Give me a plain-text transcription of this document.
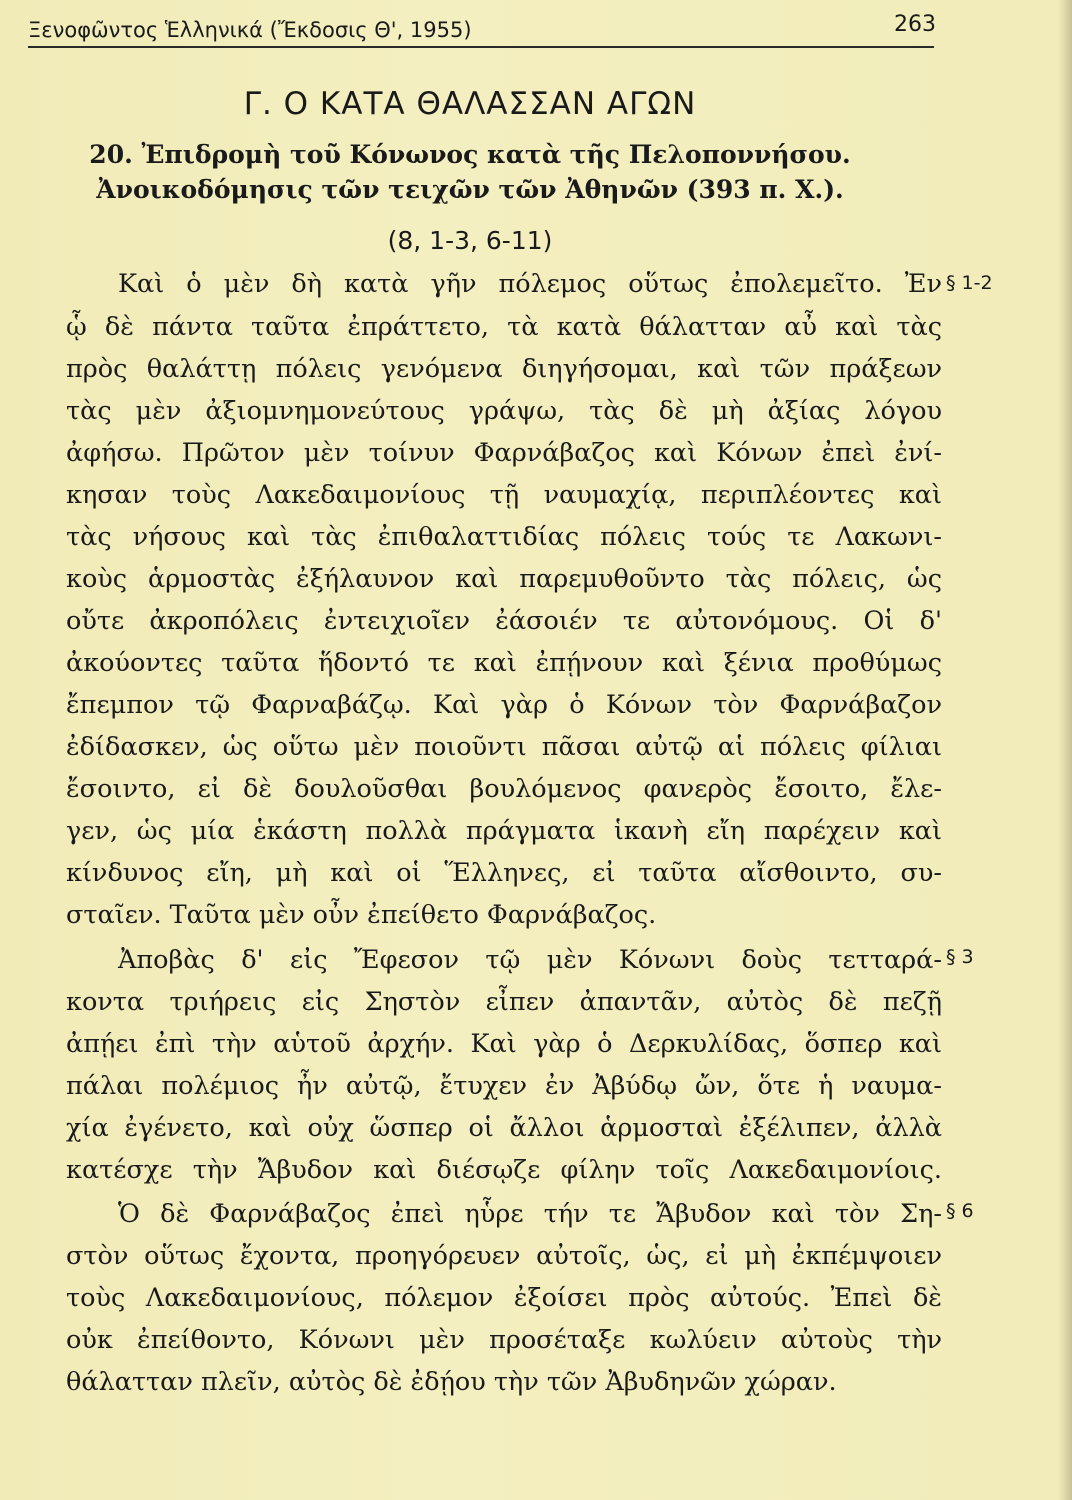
Ξενοφῶντος Ἑλληνικά (Ἔκδοσις Θ', 1955)	263
Γ. Ο ΚΑΤΑ ΘΑΛΑΣΣΑΝ ΑΓΩΝ
20. Ἐπιδρομὴ τοῦ Κόνωνος κατὰ τῆς Πελοποννήσου.
Ἀνοικοδόμησις τῶν τειχῶν τῶν Ἀθηνῶν (393 π. Χ.).
(8, 1-3, 6-11)
Καὶ ὁ μὲν δὴ κατὰ γῆν πόλεμος οὕτως ἐπολεμεῖτο. Ἐν
ᾧ δὲ πάντα ταῦτα ἐπράττετο, τὰ κατὰ θάλατταν αὖ καὶ τὰς
πρὸς θαλάττῃ πόλεις γενόμενα διηγήσομαι, καὶ τῶν πράξεων
τὰς μὲν ἀξιομνημονεύτους γράψω, τὰς δὲ μὴ ἀξίας λόγου
ἀφήσω. Πρῶτον μὲν τοίνυν Φαρνάβαζος καὶ Κόνων ἐπεὶ ἐνί-
κησαν τοὺς Λακεδαιμονίους τῇ ναυμαχίᾳ, περιπλέοντες καὶ
τὰς νήσους καὶ τὰς ἐπιθαλαττιδίας πόλεις τούς τε Λακωνι-
κοὺς ἁρμοστὰς ἐξήλαυνον καὶ παρεμυθοῦντο τὰς πόλεις, ὡς
οὔτε ἀκροπόλεις ἐντειχιοῖεν ἐάσοιέν τε αὐτονόμους. Οἱ δ'
ἀκούοντες ταῦτα ἥδοντό τε καὶ ἐπῄνουν καὶ ξένια προθύμως
ἔπεμπον τῷ Φαρναβάζῳ. Καὶ γὰρ ὁ Κόνων τὸν Φαρνάβαζον
ἐδίδασκεν, ὡς οὕτω μὲν ποιοῦντι πᾶσαι αὐτῷ αἱ πόλεις φίλιαι
ἔσοιντο, εἰ δὲ δουλοῦσθαι βουλόμενος φανερὸς ἔσοιτο, ἔλε-
γεν, ὡς μία ἑκάστη πολλὰ πράγματα ἱκανὴ εἴη παρέχειν καὶ
κίνδυνος εἴη, μὴ καὶ οἱ Ἕλληνες, εἰ ταῦτα αἴσθοιντο, συ-
σταῖεν. Ταῦτα μὲν οὖν ἐπείθετο Φαρνάβαζος.
Ἀποβὰς δ' εἰς Ἔφεσον τῷ μὲν Κόνωνι δοὺς τετταρά-
κοντα τριήρεις εἰς Σηστὸν εἶπεν ἀπαντᾶν, αὐτὸς δὲ πεζῇ
ἀπῄει ἐπὶ τὴν αὑτοῦ ἀρχήν. Καὶ γὰρ ὁ Δερκυλίδας, ὅσπερ καὶ
πάλαι πολέμιος ἦν αὐτῷ, ἔτυχεν ἐν Ἀβύδῳ ὤν, ὅτε ἡ ναυμα-
χία ἐγένετο, καὶ οὐχ ὥσπερ οἱ ἄλλοι ἁρμοσταὶ ἐξέλιπεν, ἀλλὰ
κατέσχε τὴν Ἄβυδον καὶ διέσῳζε φίλην τοῖς Λακεδαιμονίοις.
Ὁ δὲ Φαρνάβαζος ἐπεὶ ηὗρε τήν τε Ἄβυδον καὶ τὸν Ση-
στὸν οὕτως ἔχοντα, προηγόρευεν αὐτοῖς, ὡς, εἰ μὴ ἐκπέμψοιεν
τοὺς Λακεδαιμονίους, πόλεμον ἐξοίσει πρὸς αὐτούς. Ἐπεὶ δὲ
οὐκ ἐπείθοντο, Κόνωνι μὲν προσέταξε κωλύειν αὐτοὺς τὴν
θάλατταν πλεῖν, αὐτὸς δὲ ἐδῄου τὴν τῶν Ἀβυδηνῶν χώραν.
§ 1-2
§ 3
§ 6
